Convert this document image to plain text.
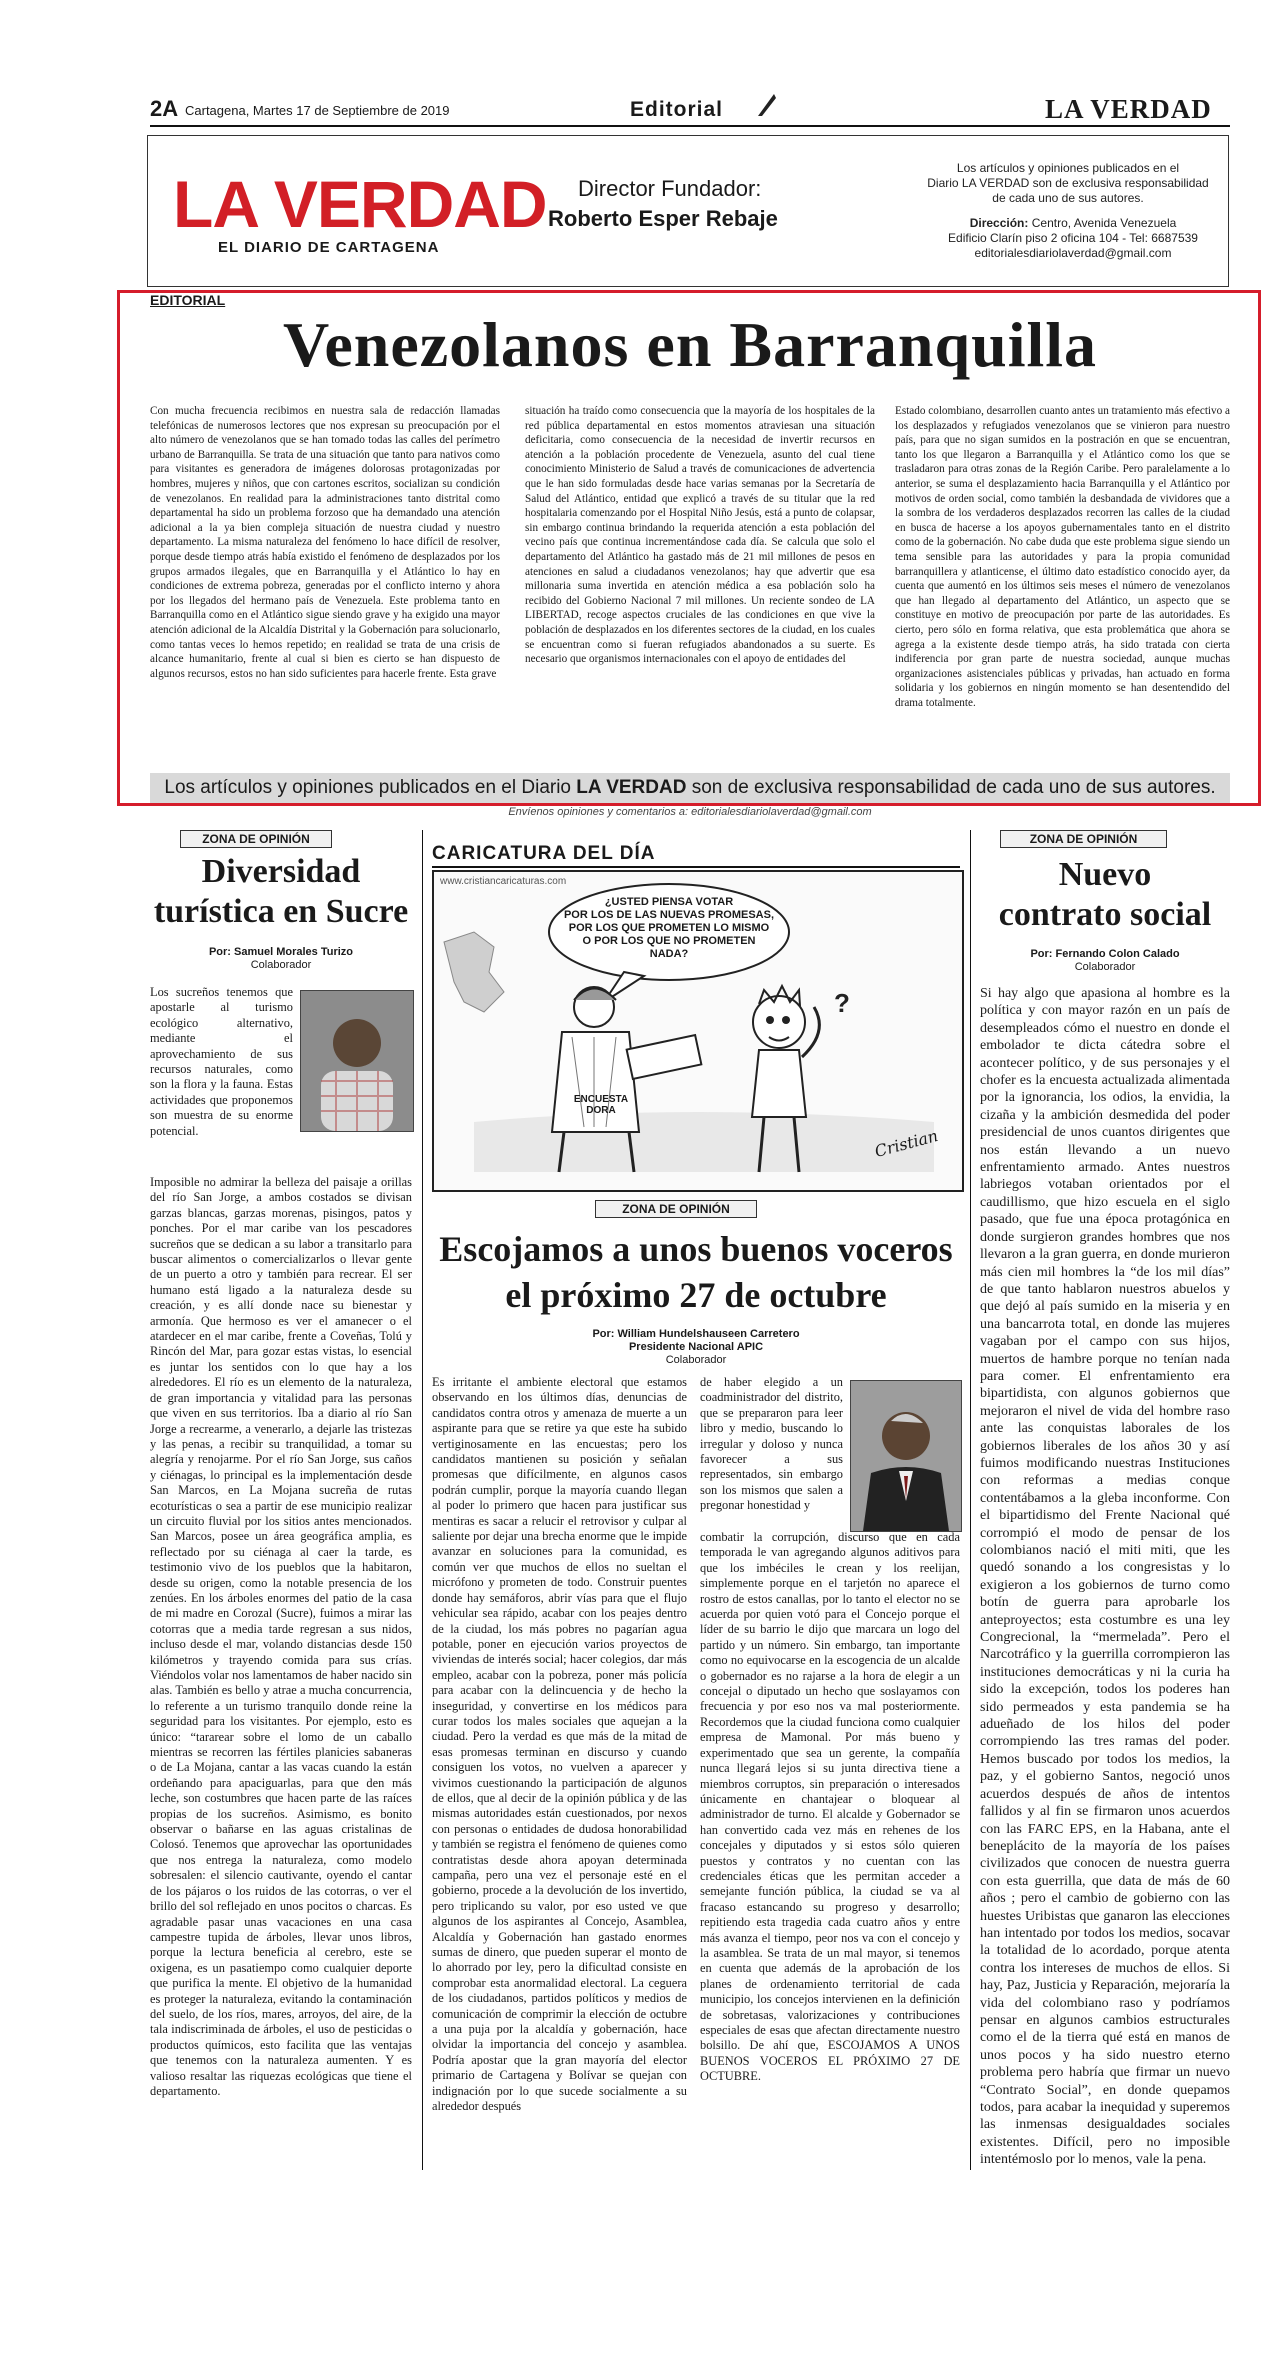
2A Cartagena, Martes 17 de Septiembre de 2019	Editorial	LA VERDAD
LA VERDAD
EL DIARIO DE CARTAGENA
Director Fundador:
Roberto Esper Rebaje
Los artículos y opiniones publicados en el
Diario LA VERDAD son de exclusiva responsabilidad
de cada uno de sus autores.
Dirección: Centro, Avenida Venezuela
Edificio Clarín piso 2 oficina 104 - Tel: 6687539
editorialesdiariolaverdad@gmail.com
EDITORIAL
Venezolanos en Barranquilla
Con mucha frecuencia recibimos en nuestra sala de redacción llamadas telefónicas de numerosos lectores que nos expresan su preocupación por el alto número de venezolanos que se han tomado todas las calles del perímetro urbano de Barranquilla. Se trata de una situación que tanto para nativos como para visitantes es generadora de imágenes dolorosas protagonizadas por hombres, mujeres y niños, que con cartones escritos, socializan su condición de venezolanos. En realidad para la administraciones tanto distrital como departamental ha sido un problema forzoso que ha demandado una atención adicional a la ya bien compleja situación de nuestra ciudad y nuestro departamento. La misma naturaleza del fenómeno lo hace difícil de resolver, porque desde tiempo atrás había existido el fenómeno de desplazados por los grupos armados ilegales, que en Barranquilla y el Atlántico lo hay en condiciones de extrema pobreza, generadas por el conflicto interno y ahora por los llegados del hermano país de Venezuela. Este problema tanto en Barranquilla como en el Atlántico sigue siendo grave y ha exigido una mayor atención adicional de la Alcaldía Distrital y la Gobernación para solucionarlo, como tantas veces lo hemos repetido; en realidad se trata de una crisis de alcance humanitario, frente al cual si bien es cierto se han dispuesto de algunos recursos, estos no han sido suficientes para hacerle frente. Esta grave
situación ha traído como consecuencia que la mayoría de los hospitales de la red pública departamental en estos momentos atraviesan una situación deficitaria, como consecuencia de la necesidad de invertir recursos en atención a la población procedente de Venezuela, asunto del cual tiene conocimiento Ministerio de Salud a través de comunicaciones de advertencia que le han sido formuladas desde hace varias semanas por la Secretaría de Salud del Atlántico, entidad que explicó a través de su titular que la red hospitalaria comenzando por el Hospital Niño Jesús, está a punto de colapsar, sin embargo continua brindando la requerida atención a esta población del vecino país que continua incrementándose cada día. Se calcula que solo el departamento del Atlántico ha gastado más de 21 mil millones de pesos en atenciones en salud a ciudadanos venezolanos; hay que advertir que esa millonaria suma invertida en atención médica a esa población solo ha recibido del Gobierno Nacional 7 mil millones. Un reciente sondeo de LA LIBERTAD, recoge aspectos cruciales de las condiciones en que vive la población de desplazados en los diferentes sectores de la ciudad, en los cuales se encuentran como si fueran refugiados abandonados a su suerte. Es necesario que organismos internacionales con el apoyo de entidades del
Estado colombiano, desarrollen cuanto antes un tratamiento más efectivo a los desplazados y refugiados venezolanos que se vinieron para nuestro país, para que no sigan sumidos en la postración en que se encuentran, tanto los que llegaron a Barranquilla y el Atlántico como los que se trasladaron para otras zonas de la Región Caribe. Pero paralelamente a lo anterior, se suma el desplazamiento hacia Barranquilla y el Atlántico por motivos de orden social, como también la desbandada de vividores que a la sombra de los verdaderos desplazados recorren las calles de la ciudad en busca de hacerse a los apoyos gubernamentales tanto en el distrito como de la gobernación. No cabe duda que este problema sigue siendo un tema sensible para las autoridades y para la propia comunidad barranquillera y atlanticense, el último dato estadístico conocido ayer, da cuenta que aumentó en los últimos seis meses el número de venezolanos que han llegado al departamento del Atlántico, un aspecto que se constituye en motivo de preocupación por parte de las autoridades. Es cierto, pero sólo en forma relativa, que esta problemática que ahora se agrega a la existente desde tiempo atrás, ha sido tratada con cierta indiferencia por gran parte de nuestra sociedad, aunque muchas organizaciones asistenciales públicas y privadas, han actuado en forma solidaria y los gobiernos en ningún momento se han desentendido del drama totalmente.
Los artículos y opiniones publicados en el Diario LA VERDAD son de exclusiva responsabilidad de cada uno de sus autores.
Envíenos opiniones y comentarios a: editorialesdiariolaverdad@gmail.com
ZONA DE OPINIÓN
Diversidad
turística en Sucre
Por: Samuel Morales Turizo
Colaborador
Los sucreños tenemos que apostarle al turismo ecológico alternativo, mediante el aprovechamiento de sus recursos naturales, como son la flora y la fauna. Estas actividades que proponemos son muestra de su enorme potencial.
Imposible no admirar la belleza del paisaje a orillas del río San Jorge, a ambos costados se divisan garzas blancas, garzas morenas, pisingos, patos y ponches. Por el mar caribe van los pescadores sucreños que se dedican a su labor a transitarlo para buscar alimentos o comercializarlos o llevar gente de un puerto a otro y también para recrear. El ser humano está ligado a la naturaleza desde su creación, y es allí donde nace su bienestar y armonía. Que hermoso es ver el amanecer o el atardecer en el mar caribe, frente a Coveñas, Tolú y Rincón del Mar, para gozar estas vistas, lo esencial es juntar los sentidos con lo que hay a los alrededores. El río es un elemento de la naturaleza, de gran importancia y vitalidad para las personas que viven en sus territorios. Iba a diario al río San Jorge a recrearme, a venerarlo, a dejarle las tristezas y las penas, a recibir su tranquilidad, a tomar su alegría y renojarme. Por el río San Jorge, sus caños y ciénagas, lo principal es la implementación desde San Marcos, en La Mojana sucreña de rutas ecoturísticas o sea a partir de ese municipio realizar un circuito fluvial por los sitios antes mencionados. San Marcos, posee un área geográfica amplia, es reflectado por su ciénaga al caer la tarde, es testimonio vivo de los pueblos que la habitaron, desde su origen, como la notable presencia de los zenúes. En los árboles enormes del patio de la casa de mi madre en Corozal (Sucre), fuimos a mirar las cotorras que a media tarde regresan a sus nidos, incluso desde el mar, volando distancias desde 150 kilómetros y trayendo comida para sus crías. Viéndolos volar nos lamentamos de haber nacido sin alas. También es bello y atrae a mucha concurrencia, lo referente a un turismo tranquilo donde reine la seguridad para los visitantes. Por ejemplo, esto es único: “tararear sobre el lomo de un caballo mientras se recorren las fértiles planicies sabaneras o de La Mojana, cantar a las vacas cuando la están ordeñando para apaciguarlas, para que den más leche, son costumbres que hacen parte de las raíces propias de los sucreños. Asimismo, es bonito observar o bañarse en las aguas cristalinas de Colosó. Tenemos que aprovechar las oportunidades que nos entrega la naturaleza, como modelo sobresalen: el silencio cautivante, oyendo el cantar de los pájaros o los ruidos de las cotorras, o ver el brillo del sol reflejado en unos pocitos o charcas. Es agradable pasar unas vacaciones en una casa campestre tupida de árboles, llevar unos libros, porque la lectura beneficia al cerebro, este se oxigena, es un pasatiempo como cualquier deporte que purifica la mente. El objetivo de la humanidad es proteger la naturaleza, evitando la contaminación del suelo, de los ríos, mares, arroyos, del aire, de la tala indiscriminada de árboles, el uso de pesticidas o productos químicos, esto facilita que las ventajas que tenemos con la naturaleza aumenten. Y es valioso resaltar las riquezas ecológicas que tiene el departamento.
CARICATURA DEL DÍA
www.cristiancaricaturas.com
?
¿USTED PIENSA VOTAR
POR LOS DE LAS NUEVAS PROMESAS,
POR LOS QUE PROMETEN LO MISMO
O POR LOS QUE NO PROMETEN
NADA?
ENCUESTA
DORA
Cristian
ZONA DE OPINIÓN
Escojamos a unos buenos voceros
el próximo 27 de octubre
Por: William Hundelshauseen Carretero
Presidente Nacional APIC
Colaborador
Es irritante el ambiente electoral que estamos observando en los últimos días, denuncias de candidatos contra otros y amenaza de muerte a un aspirante para que se retire ya que este ha subido vertiginosamente en las encuestas; pero los candidatos mantienen su posición y señalan promesas que difícilmente, en algunos casos podrán cumplir, porque la mayoría cuando llegan al poder lo primero que hacen para justificar sus mentiras es sacar a relucir el retrovisor y culpar al saliente por dejar una brecha enorme que le impide avanzar en soluciones para la comunidad, es común ver que muchos de ellos no sueltan el micrófono y prometen de todo. Construir puentes donde hay semáforos, abrir vías para que el flujo vehicular sea rápido, acabar con los peajes dentro de la ciudad, los más pobres no pagarían agua potable, poner en ejecución varios proyectos de viviendas de interés social; hacer colegios, dar más empleo, acabar con la pobreza, poner más policía para acabar con la delincuencia y de hecho la inseguridad, y convertirse en los médicos para curar todos los males sociales que aquejan a la ciudad. Pero la verdad es que más de la mitad de esas promesas terminan en discurso y cuando consiguen los votos, no vuelven a aparecer y vivimos cuestionando la participación de algunos de ellos, que al decir de la opinión pública y de las mismas autoridades están cuestionados, por nexos con personas o entidades de dudosa honorabilidad y también se registra el fenómeno de quienes como contratistas desde ahora apoyan determinada campaña, pero una vez el personaje esté en el gobierno, procede a la devolución de los invertido, pero triplicando su valor, por eso usted ve que algunos de los aspirantes al Concejo, Asamblea, Alcaldía y Gobernación han gastado enormes sumas de dinero, que pueden superar el monto de lo ahorrado por ley, pero la dificultad consiste en comprobar esta anormalidad electoral. La ceguera de los ciudadanos, partidos políticos y medios de comunicación de comprimir la elección de octubre a una puja por la alcaldía y gobernación, hace olvidar la importancia del concejo y asamblea. Podría apostar que la gran mayoría del elector primario de Cartagena y Bolívar se quejan con indignación por lo que sucede socialmente a su alrededor después
de haber elegido a un coadministrador del distrito, que se prepararon para leer libro y medio, buscando lo irregular y doloso y nunca favorecer a sus representados, sin embargo son los mismos que salen a pregonar honestidad y
combatir la corrupción, discurso que en cada temporada le van agregando algunos aditivos para que los imbéciles le crean y los reelijan, simplemente porque en el tarjetón no aparece el rostro de estos canallas, por lo tanto el elector no se acuerda por quien votó para el Concejo porque el líder de su barrio le dijo que marcara un logo del partido y un número. Sin embargo, tan importante como no equivocarse en la escogencia de un alcalde o gobernador es no rajarse a la hora de elegir a un concejal o diputado un hecho que soslayamos con frecuencia y por eso nos va mal posteriormente. Recordemos que la ciudad funciona como cualquier empresa de Mamonal. Por más bueno y experimentado que sea un gerente, la compañía nunca llegará lejos si su junta directiva tiene a miembros corruptos, sin preparación o interesados únicamente en chantajear o bloquear al administrador de turno. El alcalde y Gobernador se han convertido cada vez más en rehenes de los concejales y diputados y si estos sólo quieren puestos y contratos y no cuentan con las credenciales éticas que les permitan acceder a semejante función pública, la ciudad se va al fracaso estancando su progreso y desarrollo; repitiendo esta tragedia cada cuatro años y entre más avanza el tiempo, peor nos va con el concejo y la asamblea. Se trata de un mal mayor, si tenemos en cuenta que además de la aprobación de los planes de ordenamiento territorial de cada municipio, los concejos intervienen en la definición de sobretasas, valorizaciones y contribuciones especiales de esas que afectan directamente nuestro bolsillo. De ahí que, ESCOJAMOS A UNOS BUENOS VOCEROS EL PRÓXIMO 27 DE OCTUBRE.
ZONA DE OPINIÓN
Nuevo
contrato social
Por: Fernando Colon Calado
Colaborador
Si hay algo que apasiona al hombre es la política y con mayor razón en un país de desempleados cómo el nuestro en donde el embolador te dicta cátedra sobre el acontecer político, y de sus personajes y el chofer es la encuesta actualizada alimentada por la ignorancia, los odios, la envidia, la cizaña y la ambición desmedida del poder presidencial de unos cuantos dirigentes que nos están llevando a un nuevo enfrentamiento armado. Antes nuestros labriegos votaban orientados por el caudillismo, que hizo escuela en el siglo pasado, que fue una época protagónica en donde surgieron grandes hombres que nos llevaron a la gran guerra, en donde murieron más cien mil hombres la “de los mil días” de que tanto hablaron nuestros abuelos y que dejó al país sumido en la miseria y en una bancarrota total, en donde las mujeres vagaban por el campo con sus hijos, muertos de hambre porque no tenían nada para comer. El enfrentamiento era bipartidista, con algunos gobiernos que mejoraron el nivel de vida del hombre raso ante las conquistas laborales de los gobiernos liberales de los años 30 y así fuimos modificando nuestras Instituciones con reformas a medias conque contentábamos a la gleba inconforme. Con el bipartidismo del Frente Nacional qué corrompió el modo de pensar de los colombianos nació el miti miti, que les quedó sonando a los congresistas y lo exigieron a los gobiernos de turno como botín de guerra para aprobarle los anteproyectos; esta costumbre es una ley Congrecional, la “mermelada”. Pero el Narcotráfico y la guerrilla corrompieron las instituciones democráticas y ni la curia ha sido la excepción, todos los poderes han sido permeados y esta pandemia se ha adueñado de los hilos del poder corrompiendo las tres ramas del poder. Hemos buscado por todos los medios, la paz, y el gobierno Santos, negoció unos acuerdos después de años de intentos fallidos y al fin se firmaron unos acuerdos con las FARC EPS, en la Habana, ante el beneplácito de la mayoría de los países civilizados que conocen de nuestra guerra con esta guerrilla, que data de más de 60 años ; pero el cambio de gobierno con las huestes Uribistas que ganaron las elecciones han intentado por todos los medios, socavar la totalidad de lo acordado, porque atenta contra los intereses de muchos de ellos. Si hay, Paz, Justicia y Reparación, mejoraría la vida del colombiano raso y podríamos pensar en algunos cambios estructurales como el de la tierra qué está en manos de unos pocos y ha sido nuestro eterno problema pero habría que firmar un nuevo “Contrato Social”, en donde quepamos todos, para acabar la inequidad y superemos las inmensas desigualdades sociales existentes. Difícil, pero no imposible intentémoslo por lo menos, vale la pena.
